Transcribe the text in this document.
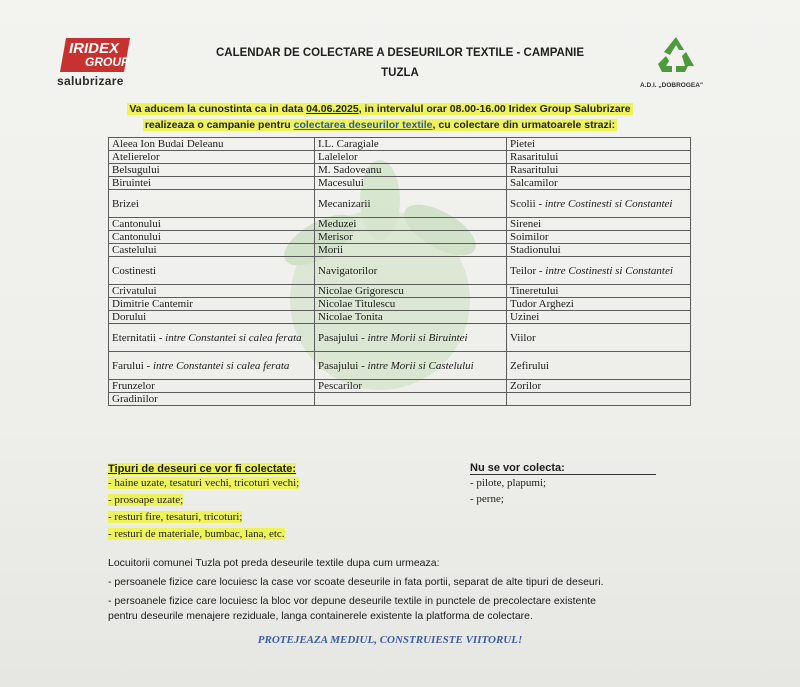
IRIDEX
GROUP
salubrizare
CALENDAR DE COLECTARE A DESEURILOR TEXTILE - CAMPANIE
TUZLA
A.D.I. „DOBROGEA"
Va aducem la cunostinta ca in data 04.06.2025, in intervalul orar 08.00-16.00 Iridex Group Salubrizare
realizeaza o campanie pentru colectarea deseurilor textile, cu colectare din urmatoarele strazi:
Aleea Ion Budai Deleanu	I.L. Caragiale	Pietei
Atelierelor	Lalelelor	Rasaritului
Belsugului	M. Sadoveanu	Rasaritului
Biruintei	Macesului	Salcamilor
Brizei	Mecanizarii	Scolii - intre Costinesti si Constantei
Cantonului	Meduzei	Sirenei
Cantonului	Merisor	Soimilor
Castelului	Morii	Stadionului
Costinesti	Navigatorilor	Teilor - intre Costinesti si Constantei
Crivatului	Nicolae Grigorescu	Tineretului
Dimitrie Cantemir	Nicolae Titulescu	Tudor Arghezi
Dorului	Nicolae Tonita	Uzinei
Eternitatii - intre Constantei si calea ferata	Pasajului - intre Morii si Biruintei	Viilor
Farului - intre Constantei si calea ferata	Pasajului - intre Morii si Castelului	Zefirului
Frunzelor	Pescarilor	Zorilor
Gradinilor		
Tipuri de deseuri ce vor fi colectate:
- haine uzate, tesaturi vechi, tricoturi vechi;
- prosoape uzate;
- resturi fire, tesaturi, tricoturi;
- resturi de materiale, bumbac, lana, etc.
Nu se vor colecta:
- pilote, plapumi;
- perne;
Locuitorii comunei Tuzla pot preda deseurile textile dupa cum urmeaza:
- persoanele fizice care locuiesc la case vor scoate deseurile in fata portii, separat de alte tipuri de deseuri.
- persoanele fizice care locuiesc la bloc vor depune deseurile textile in punctele de precolectare existente
pentru deseurile menajere reziduale, langa containerele existente la platforma de colectare.
PROTEJEAZA MEDIUL, CONSTRUIESTE VIITORUL!
